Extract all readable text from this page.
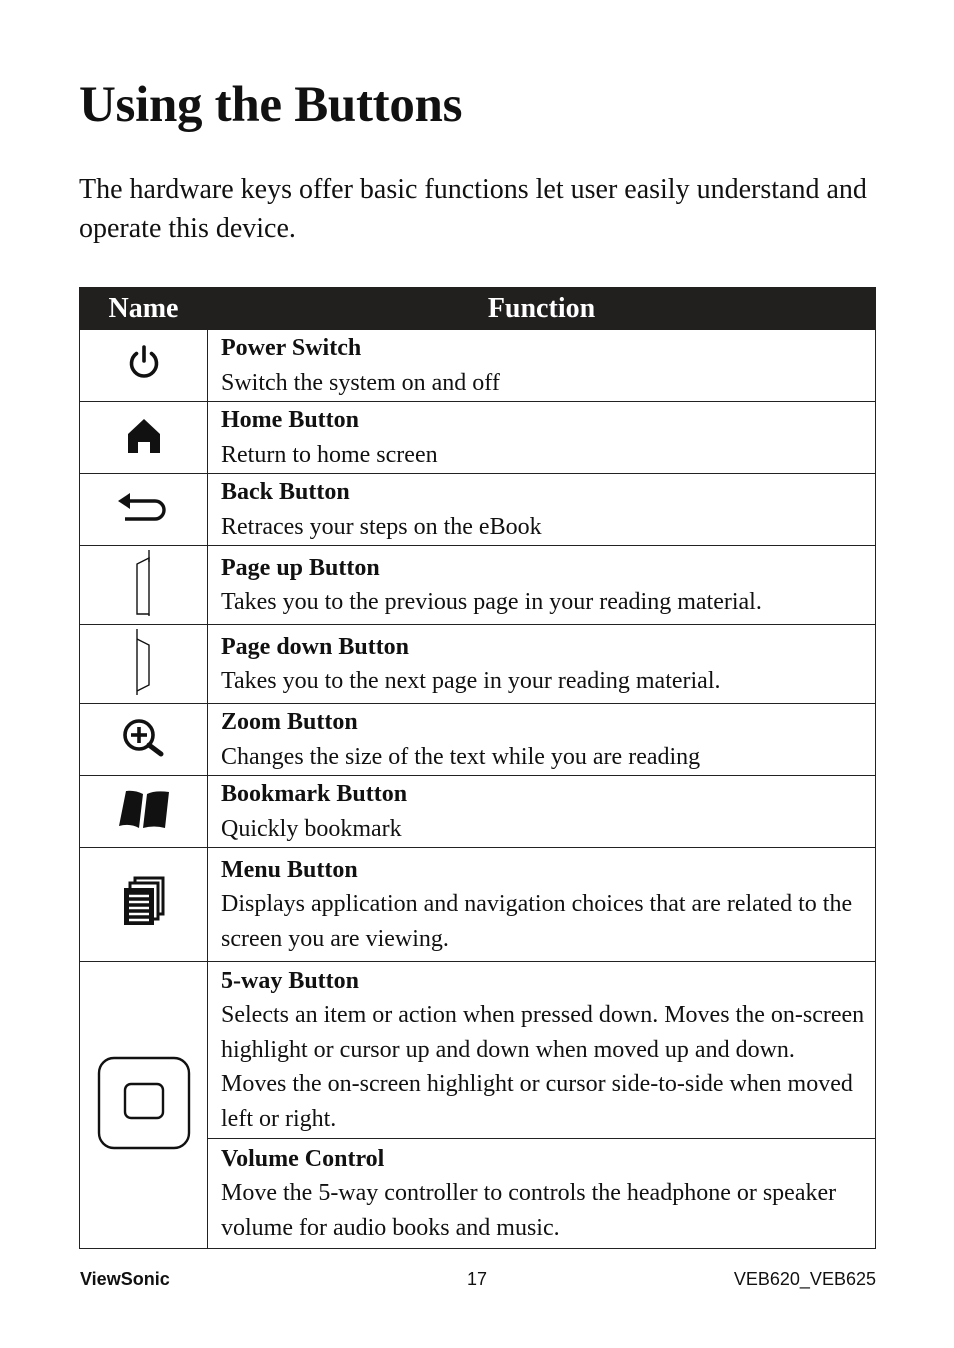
Using the Buttons

The hardware keys offer basic functions let user easily understand and operate this device.

Name	Function

Power Switch
Switch the system on and off

Home Button
Return to home screen

Back Button
Retraces your steps on the eBook

Page up Button
Takes you to the previous page in your reading material.

Page down Button
Takes you to the next page in your reading material.

Zoom Button
Changes the size of the text while you are reading

Bookmark Button
Quickly bookmark

Menu Button
Displays application and navigation choices that are related to the screen you are viewing.

5-way Button
Selects an item or action when pressed down. Moves the on-screen highlight or cursor up and down when moved up and down. Moves the on-screen highlight or cursor side-to-side when moved left or right.

	Volume Control
Move the 5-way controller to controls the headphone or speaker volume for audio books and music.
ViewSonic	17	VEB620_VEB625
